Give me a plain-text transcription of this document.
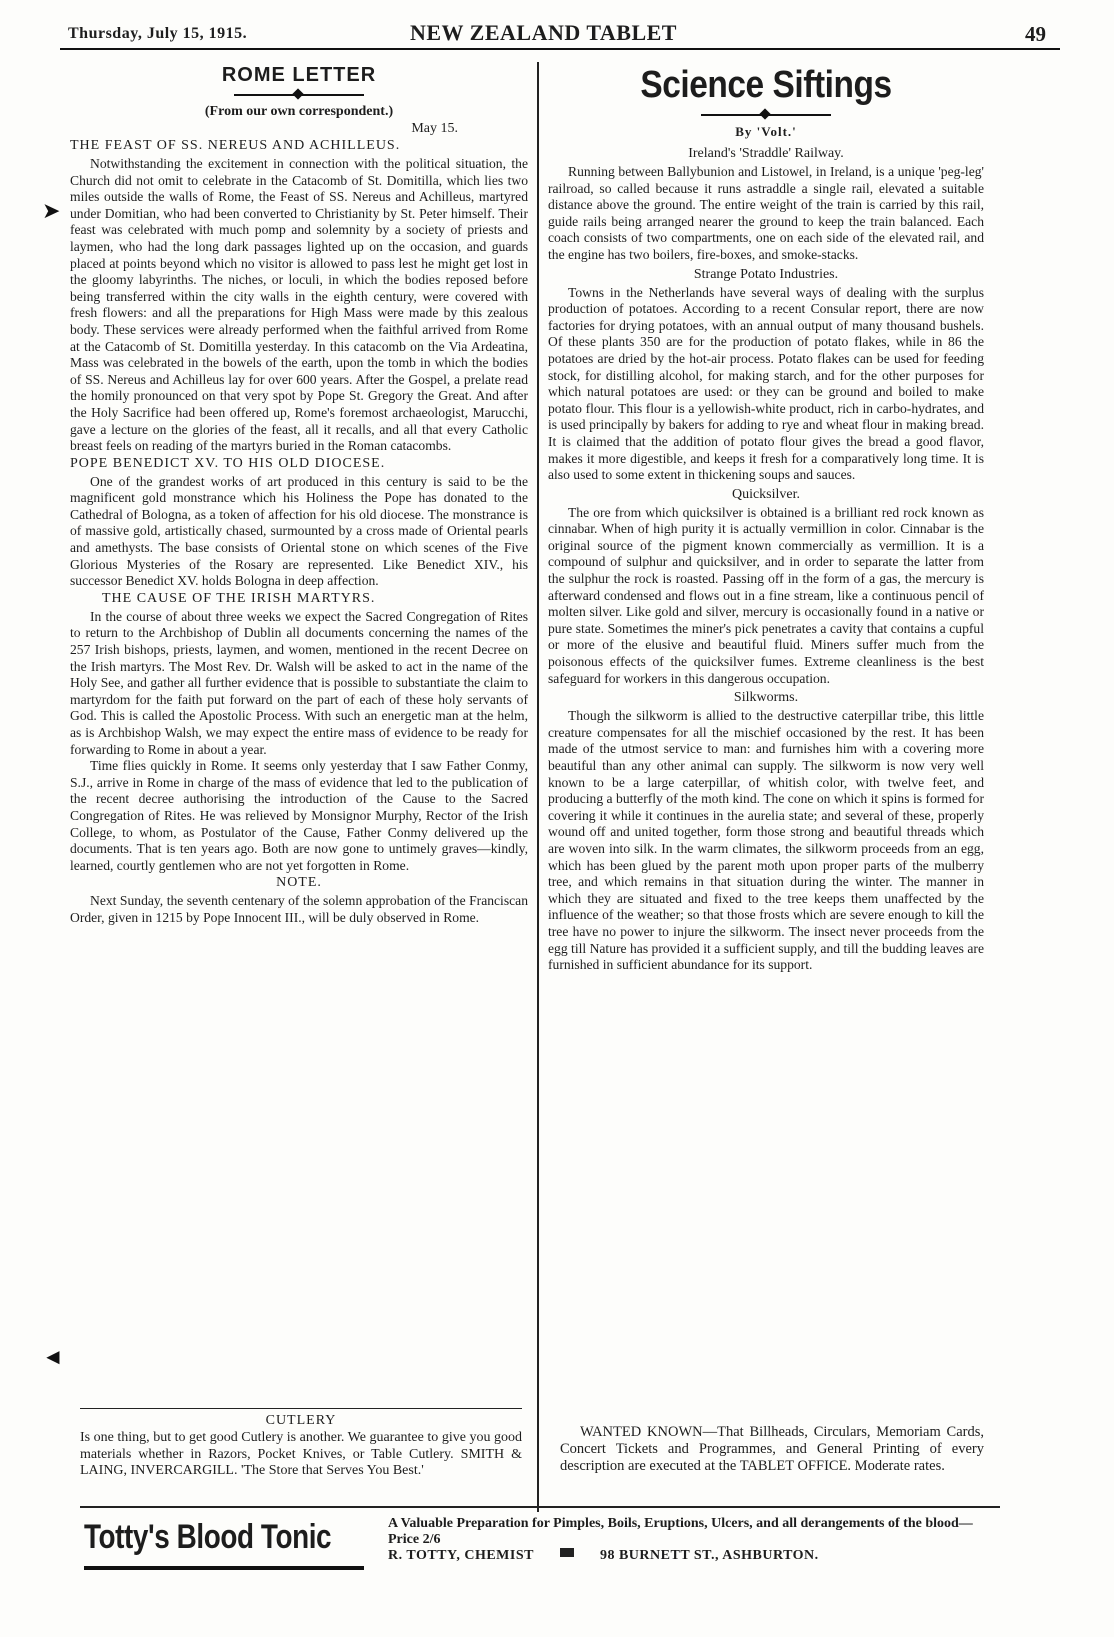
Thursday, July 15, 1915.	NEW ZEALAND TABLET	49
➤
◄
ROME LETTER
(From our own correspondent.)
May 15.
THE FEAST OF SS. NEREUS AND ACHILLEUS.

Notwithstanding the excitement in connection with the political situation, the Church did not omit to celebrate in the Catacomb of St. Domitilla, which lies two miles outside the walls of Rome, the Feast of SS. Nereus and Achilleus, martyred under Domitian, who had been converted to Christianity by St. Peter himself. Their feast was celebrated with much pomp and solemnity by a society of priests and laymen, who had the long dark passages lighted up on the occasion, and guards placed at points beyond which no visitor is allowed to pass lest he might get lost in the gloomy labyrinths. The niches, or loculi, in which the bodies reposed before being transferred within the city walls in the eighth century, were covered with fresh flowers: and all the preparations for High Mass were made by this zealous body. These services were already performed when the faithful arrived from Rome at the Catacomb of St. Domitilla yesterday. In this catacomb on the Via Ardeatina, Mass was celebrated in the bowels of the earth, upon the tomb in which the bodies of SS. Nereus and Achilleus lay for over 600 years. After the Gospel, a prelate read the homily pronounced on that very spot by Pope St. Gregory the Great. And after the Holy Sacrifice had been offered up, Rome's foremost archaeologist, Marucchi, gave a lecture on the glories of the feast, all it recalls, and all that every Catholic breast feels on reading of the martyrs buried in the Roman catacombs.

POPE BENEDICT XV. TO HIS OLD DIOCESE.

One of the grandest works of art produced in this century is said to be the magnificent gold monstrance which his Holiness the Pope has donated to the Cathedral of Bologna, as a token of affection for his old diocese. The monstrance is of massive gold, artistically chased, surmounted by a cross made of Oriental pearls and amethysts. The base consists of Oriental stone on which scenes of the Five Glorious Mysteries of the Rosary are represented. Like Benedict XIV., his successor Benedict XV. holds Bologna in deep affection.

THE CAUSE OF THE IRISH MARTYRS.

In the course of about three weeks we expect the Sacred Congregation of Rites to return to the Archbishop of Dublin all documents concerning the names of the 257 Irish bishops, priests, laymen, and women, mentioned in the recent Decree on the Irish martyrs. The Most Rev. Dr. Walsh will be asked to act in the name of the Holy See, and gather all further evidence that is possible to substantiate the claim to martyrdom for the faith put forward on the part of each of these holy servants of God. This is called the Apostolic Process. With such an energetic man at the helm, as is Archbishop Walsh, we may expect the entire mass of evidence to be ready for forwarding to Rome in about a year.

Time flies quickly in Rome. It seems only yesterday that I saw Father Conmy, S.J., arrive in Rome in charge of the mass of evidence that led to the publication of the recent decree authorising the introduction of the Cause to the Sacred Congregation of Rites. He was relieved by Monsignor Murphy, Rector of the Irish College, to whom, as Postulator of the Cause, Father Conmy delivered up the documents. That is ten years ago. Both are now gone to untimely graves—kindly, learned, courtly gentlemen who are not yet forgotten in Rome.

NOTE.

Next Sunday, the seventh centenary of the solemn approbation of the Franciscan Order, given in 1215 by Pope Innocent III., will be duly observed in Rome.

CUTLERY

Is one thing, but to get good Cutlery is another. We guarantee to give you good materials whether in Razors, Pocket Knives, or Table Cutlery. SMITH & LAING, INVERCARGILL. 'The Store that Serves You Best.'

Science Siftings
By 'Volt.'
Ireland's 'Straddle' Railway.

Running between Ballybunion and Listowel, in Ireland, is a unique 'peg-leg' railroad, so called because it runs astraddle a single rail, elevated a suitable distance above the ground. The entire weight of the train is carried by this rail, guide rails being arranged nearer the ground to keep the train balanced. Each coach consists of two compartments, one on each side of the elevated rail, and the engine has two boilers, fire-boxes, and smoke-stacks.

Strange Potato Industries.

Towns in the Netherlands have several ways of dealing with the surplus production of potatoes. According to a recent Consular report, there are now factories for drying potatoes, with an annual output of many thousand bushels. Of these plants 350 are for the production of potato flakes, while in 86 the potatoes are dried by the hot-air process. Potato flakes can be used for feeding stock, for distilling alcohol, for making starch, and for the other purposes for which natural potatoes are used: or they can be ground and boiled to make potato flour. This flour is a yellowish-white product, rich in carbo-hydrates, and is used principally by bakers for adding to rye and wheat flour in making bread. It is claimed that the addition of potato flour gives the bread a good flavor, makes it more digestible, and keeps it fresh for a comparatively long time. It is also used to some extent in thickening soups and sauces.

Quicksilver.

The ore from which quicksilver is obtained is a brilliant red rock known as cinnabar. When of high purity it is actually vermillion in color. Cinnabar is the original source of the pigment known commercially as vermillion. It is a compound of sulphur and quicksilver, and in order to separate the latter from the sulphur the rock is roasted. Passing off in the form of a gas, the mercury is afterward condensed and flows out in a fine stream, like a continuous pencil of molten silver. Like gold and silver, mercury is occasionally found in a native or pure state. Sometimes the miner's pick penetrates a cavity that contains a cupful or more of the elusive and beautiful fluid. Miners suffer much from the poisonous effects of the quicksilver fumes. Extreme cleanliness is the best safeguard for workers in this dangerous occupation.

Silkworms.

Though the silkworm is allied to the destructive caterpillar tribe, this little creature compensates for all the mischief occasioned by the rest. It has been made of the utmost service to man: and furnishes him with a covering more beautiful than any other animal can supply. The silkworm is now very well known to be a large caterpillar, of whitish color, with twelve feet, and producing a butterfly of the moth kind. The cone on which it spins is formed for covering it while it continues in the aurelia state; and several of these, properly wound off and united together, form those strong and beautiful threads which are woven into silk. In the warm climates, the silkworm proceeds from an egg, which has been glued by the parent moth upon proper parts of the mulberry tree, and which remains in that situation during the winter. The manner in which they are situated and fixed to the tree keeps them unaffected by the influence of the weather; so that those frosts which are severe enough to kill the tree have no power to injure the silkworm. The insect never proceeds from the egg till Nature has provided it a sufficient supply, and till the budding leaves are furnished in sufficient abundance for its support.

WANTED KNOWN—That Billheads, Circulars, Memoriam Cards, Concert Tickets and Programmes, and General Printing of every description are executed at the TABLET OFFICE. Moderate rates.

Totty's Blood Tonic	A Valuable Preparation for Pimples, Boils, Eruptions, Ulcers, and all derangements of the blood—Price 2/6
R. TOTTY, CHEMIST	98 BURNETT ST., ASHBURTON.
